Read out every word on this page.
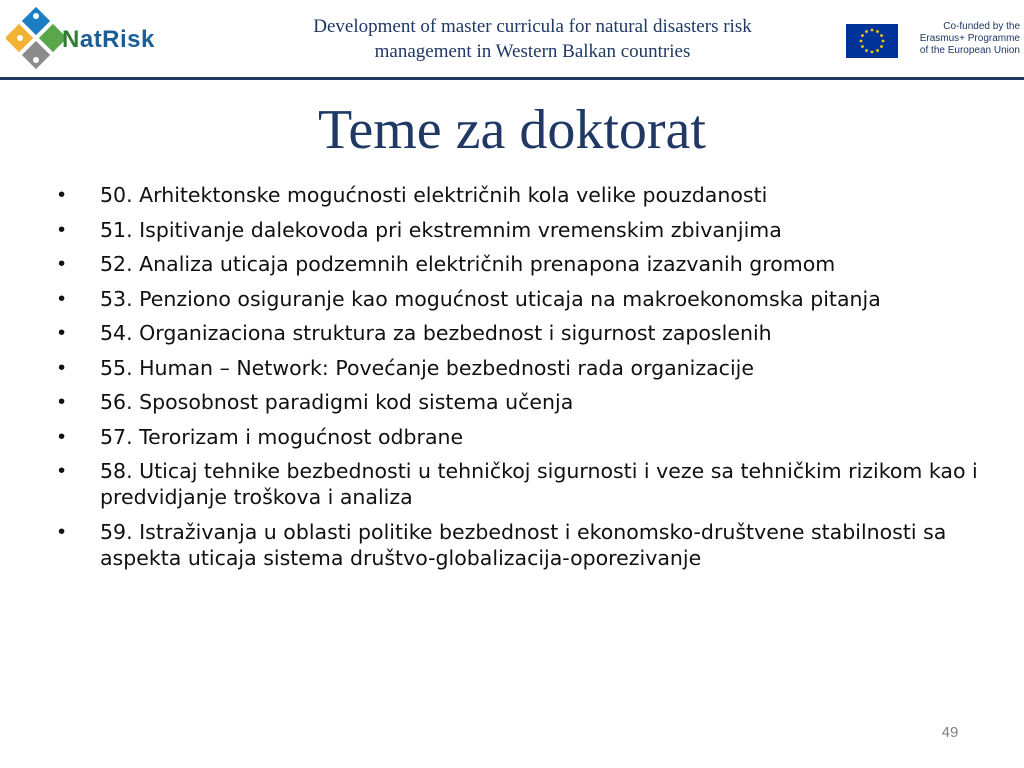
NatRisk	Development of master curricula for natural disasters risk
management in Western Balkan countries
Co-funded by the
Erasmus+ Programme
of the European Union
Teme za doktorat
• 50. Arhitektonske mogućnosti električnih kola velike pouzdanosti
• 51. Ispitivanje dalekovoda pri ekstremnim vremenskim zbivanjima
• 52. Analiza uticaja podzemnih električnih prenapona izazvanih gromom
• 53. Penziono osiguranje kao mogućnost uticaja na makroekonomska pitanja
• 54. Organizaciona struktura za bezbednost i sigurnost zaposlenih
• 55. Human – Network: Povećanje bezbednosti rada organizacije
• 56. Sposobnost paradigmi kod sistema učenja
• 57. Terorizam i mogućnost odbrane
• 58. Uticaj tehnike bezbednosti u tehničkoj sigurnosti i veze sa tehničkim rizikom kao i predvidjanje troškova i analiza
• 59. Istraživanja u oblasti politike bezbednost i ekonomsko-društvene stabilnosti sa aspekta uticaja sistema društvo-globalizacija-oporezivanje
49
